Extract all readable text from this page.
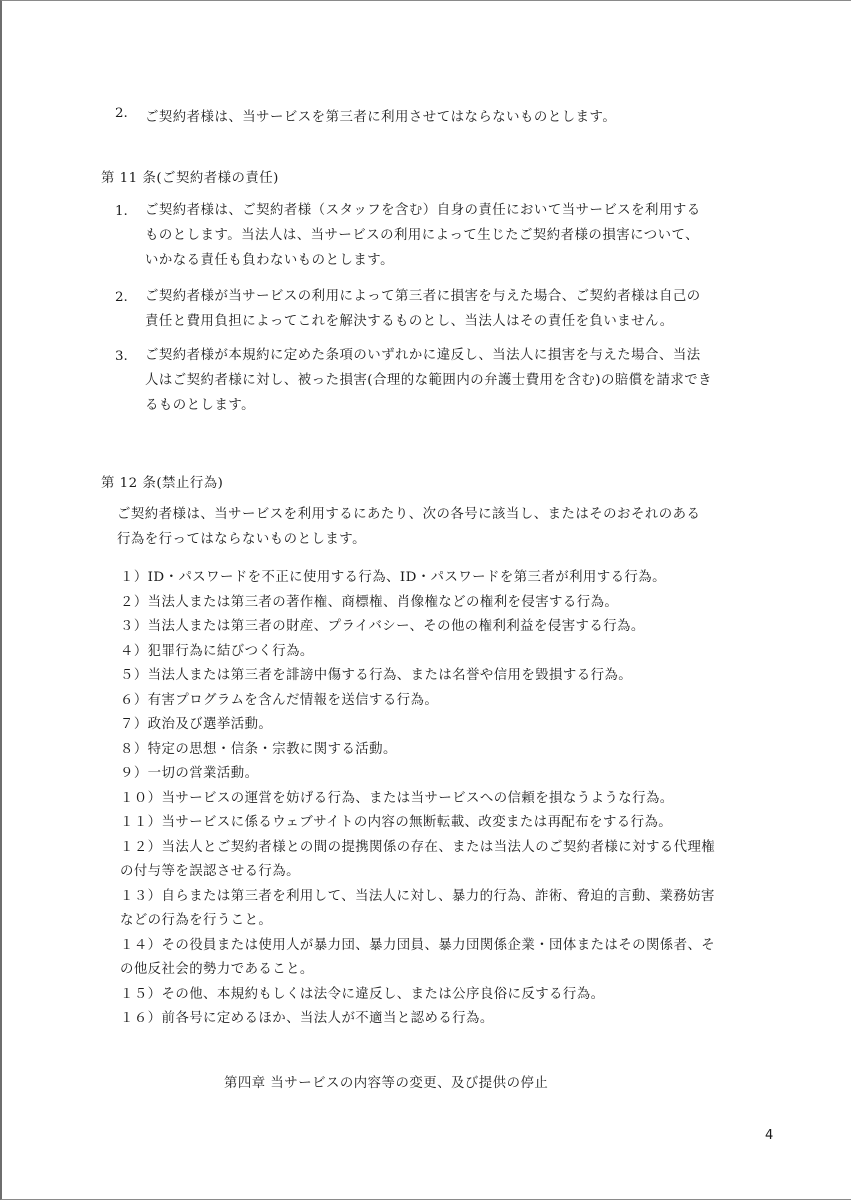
2. ご契約者様は、当サービスを第三者に利用させてはならないものとします。
第 11 条(ご契約者様の責任)
1. ご契約者様は、ご契約者様（スタッフを含む）自身の責任において当サービスを利用する
ものとします。当法人は、当サービスの利用によって生じたご契約者様の損害について、
いかなる責任も負わないものとします。
2. ご契約者様が当サービスの利用によって第三者に損害を与えた場合、ご契約者様は自己の
責任と費用負担によってこれを解決するものとし、当法人はその責任を負いません。
3. ご契約者様が本規約に定めた条項のいずれかに違反し、当法人に損害を与えた場合、当法
人はご契約者様に対し、被った損害(合理的な範囲内の弁護士費用を含む)の賠償を請求でき
るものとします。
第 12 条(禁止行為)
ご契約者様は、当サービスを利用するにあたり、次の各号に該当し、またはそのおそれのある
行為を行ってはならないものとします。
１）ID・パスワードを不正に使用する行為、ID・パスワードを第三者が利用する行為。
２）当法人または第三者の著作権、商標権、肖像権などの権利を侵害する行為。
３）当法人または第三者の財産、プライバシー、その他の権利利益を侵害する行為。
４）犯罪行為に結びつく行為。
５）当法人または第三者を誹謗中傷する行為、または名誉や信用を毀損する行為。
６）有害プログラムを含んだ情報を送信する行為。
７）政治及び選挙活動。
８）特定の思想・信条・宗教に関する活動。
９）一切の営業活動。
１０）当サービスの運営を妨げる行為、または当サービスへの信頼を損なうような行為。
１１）当サービスに係るウェブサイトの内容の無断転載、改変または再配布をする行為。
１２）当法人とご契約者様との間の提携関係の存在、または当法人のご契約者様に対する代理権
の付与等を誤認させる行為。
１３）自らまたは第三者を利用して、当法人に対し、暴力的行為、詐術、脅迫的言動、業務妨害
などの行為を行うこと。
１４）その役員または使用人が暴力団、暴力団員、暴力団関係企業・団体またはその関係者、そ
の他反社会的勢力であること。
１５）その他、本規約もしくは法令に違反し、または公序良俗に反する行為。
１６）前各号に定めるほか、当法人が不適当と認める行為。
第四章 当サービスの内容等の変更、及び提供の停止
4
